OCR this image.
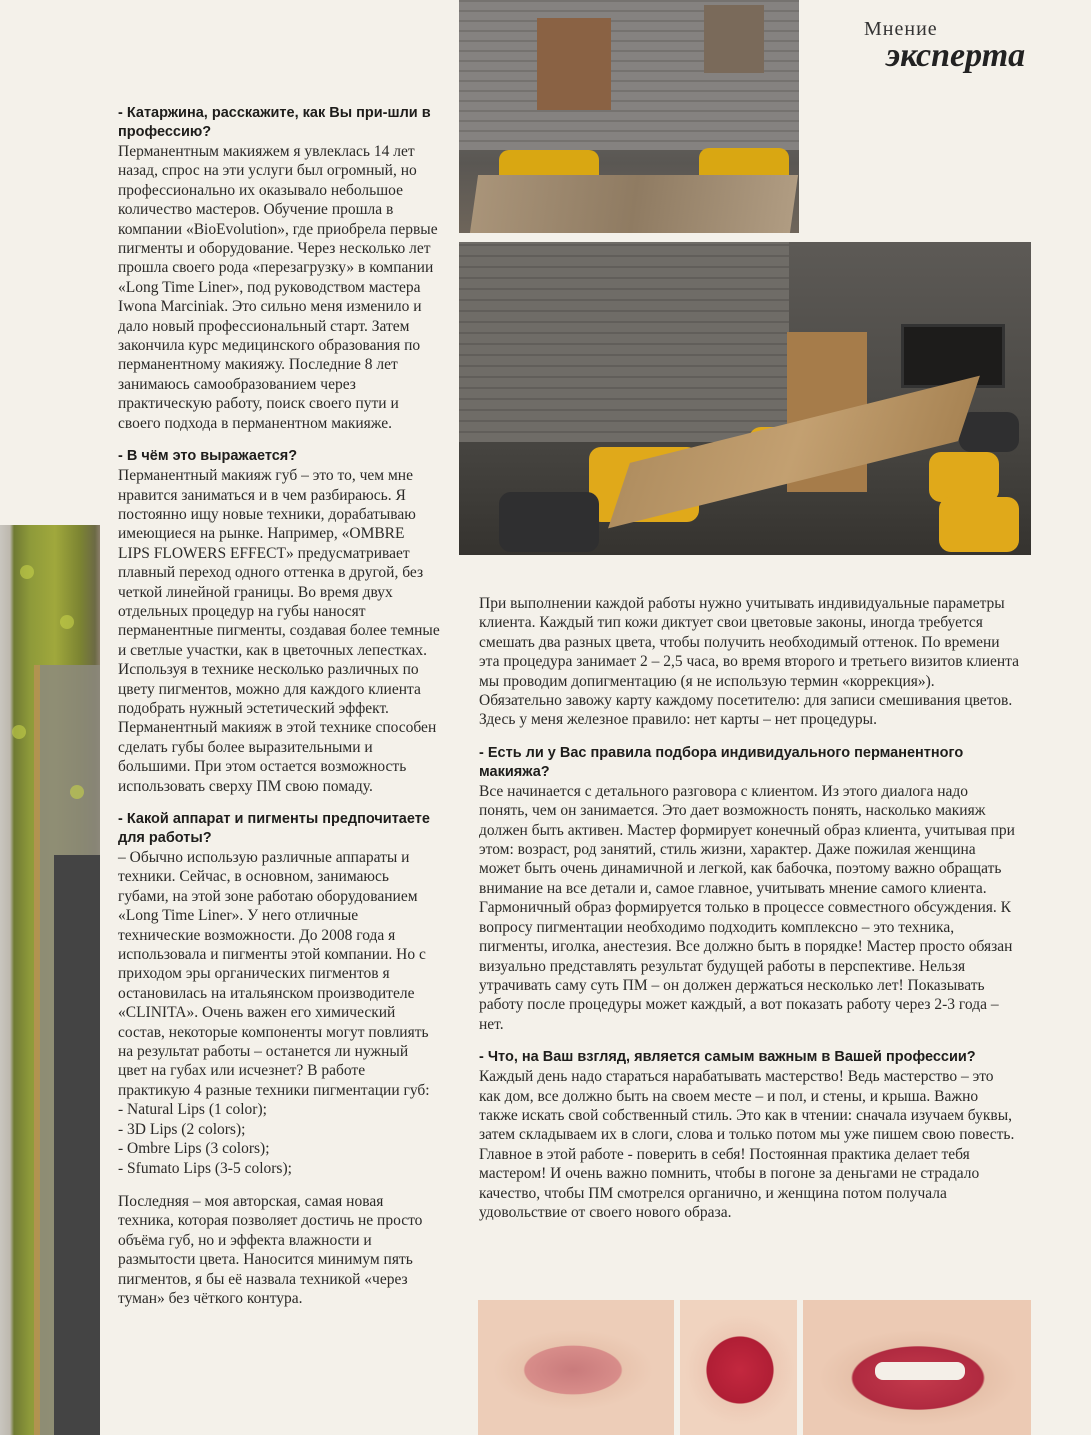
Мнение
эксперта

- Катаржина, расскажите, как Вы при-шли в профессию?

Перманентным макияжем я увлеклась 14 лет назад, спрос на эти услуги был огромный, но профессионально их оказывало небольшое количество мастеров. Обучение прошла в компании «BioEvolution», где приобрела первые пигменты и оборудование. Через несколько лет прошла своего рода «перезагрузку» в компании «Long Time Liner», под руководством мастера Iwona Marciniak. Это сильно меня изменило и дало новый профессиональный старт. Затем закончила курс медицинского образования по перманентному макияжу. Последние 8 лет занимаюсь самообразованием через практическую работу, поиск своего пути и своего подхода в перманентном макияже.

- В чём это выражается?

Перманентный макияж губ – это то, чем мне нравится заниматься и в чем разбираюсь. Я постоянно ищу новые техники, дорабатываю имеющиеся на рынке. Например, «OMBRE LIPS FLOWERS EFFECT» предусматривает плавный переход одного оттенка в другой, без четкой линейной границы. Во время двух отдельных процедур на губы наносят перманентные пигменты, создавая более темные и светлые участки, как в цветочных лепестках. Используя в технике несколько различных по цвету пигментов, можно для каждого клиента подобрать нужный эстетический эффект. Перманентный макияж в этой технике способен сделать губы более выразительными и большими. При этом остается возможность использовать сверху ПМ свою помаду.

- Какой аппарат и пигменты предпочитаете для работы?

– Обычно использую различные аппараты и техники. Сейчас, в основном, занимаюсь губами, на этой зоне работаю оборудованием «Long Time Liner». У него отличные технические возможности. До 2008 года я использовала и пигменты этой компании. Но с приходом эры органических пигментов я остановилась на итальянском производителе «CLINITA». Очень важен его химический состав, некоторые компоненты могут повлиять на результат работы – останется ли нужный цвет на губах или исчезнет? В работе практикую 4 разные техники пигментации губ:

- Natural Lips (1 color);

- 3D Lips (2 colors);

- Ombre Lips (3 colors);

- Sfumato Lips (3-5 colors);

Последняя – моя авторская, самая новая техника, которая позволяет достичь не просто объёма губ, но и эффекта влажности и размытости цвета. Наносится минимум пять пигментов, я бы её назвала техникой «через туман» без чёткого контура.

При выполнении каждой работы нужно учитывать индивидуальные параметры клиента. Каждый тип кожи диктует свои цветовые законы, иногда требуется смешать два разных цвета, чтобы получить необходимый оттенок. По времени эта процедура занимает 2 – 2,5 часа, во время второго и третьего визитов клиента мы проводим допигментацию (я не использую термин «коррекция»). Обязательно завожу карту каждому посетителю: для записи смешивания цветов. Здесь у меня железное правило: нет карты – нет процедуры.

- Есть ли у Вас правила подбора индивидуального перманентного макияжа?

Все начинается с детального разговора с клиентом. Из этого диалога надо понять, чем он занимается. Это дает возможность понять, насколько макияж должен быть активен. Мастер формирует конечный образ клиента, учитывая при этом: возраст, род занятий, стиль жизни, характер. Даже пожилая женщина может быть очень динамичной и легкой, как бабочка, поэтому важно обращать внимание на все детали и, самое главное, учитывать мнение самого клиента. Гармоничный образ формируется только в процессе совместного обсуждения. К вопросу пигментации необходимо подходить комплексно – это техника, пигменты, иголка, анестезия. Все должно быть в порядке! Мастер просто обязан визуально представлять результат будущей работы в перспективе. Нельзя утрачивать саму суть ПМ – он должен держаться несколько лет! Показывать работу после процедуры может каждый, а вот показать работу через 2-3 года – нет.

- Что, на Ваш взгляд, является самым важным в Вашей профессии?

Каждый день надо стараться нарабатывать мастерство! Ведь мастерство – это как дом, все должно быть на своем месте – и пол, и стены, и крыша. Важно также искать свой собственный стиль. Это как в чтении: сначала изучаем буквы, затем складываем их в слоги, слова и только потом мы уже пишем свою повесть. Главное в этой работе - поверить в себя! Постоянная практика делает тебя мастером! И очень важно помнить, чтобы в погоне за деньгами не страдало качество, чтобы ПМ смотрелся органично, и женщина потом получала удовольствие от своего нового образа.
